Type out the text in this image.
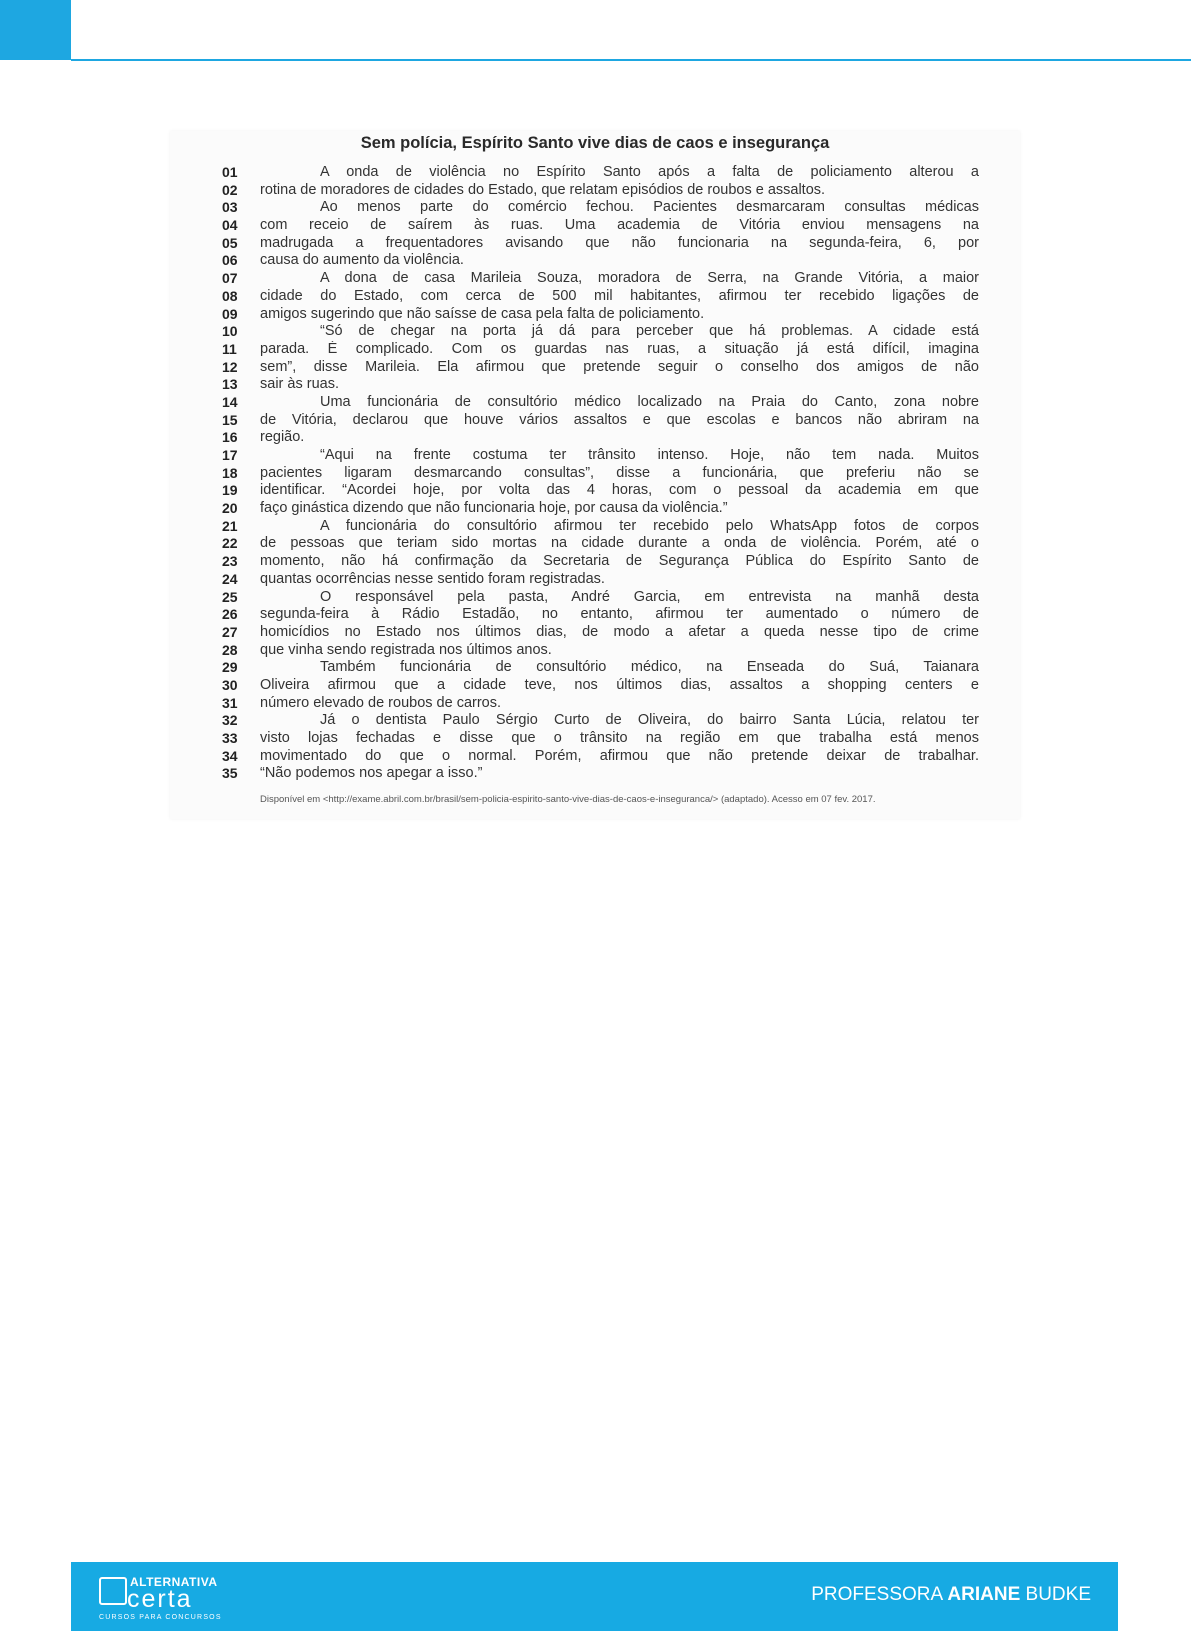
Sem polícia, Espírito Santo vive dias de caos e insegurança
01	A onda de violência no Espírito Santo após a falta de policiamento alterou a
02	rotina de moradores de cidades do Estado, que relatam episódios de roubos e assaltos.
03	Ao menos parte do comércio fechou. Pacientes desmarcaram consultas médicas
04	com receio de saírem às ruas. Uma academia de Vitória enviou mensagens na
05	madrugada a frequentadores avisando que não funcionaria na segunda-feira, 6, por
06	causa do aumento da violência.
07	A dona de casa Marileia Souza, moradora de Serra, na Grande Vitória, a maior
08	cidade do Estado, com cerca de 500 mil habitantes, afirmou ter recebido ligações de
09	amigos sugerindo que não saísse de casa pela falta de policiamento.
10	“Só de chegar na porta já dá para perceber que há problemas. A cidade está
11	parada. É complicado. Com os guardas nas ruas, a situação já está difícil, imagina
12	sem”, disse Marileia. Ela afirmou que pretende seguir o conselho dos amigos de não
13	sair às ruas.
14	Uma funcionária de consultório médico localizado na Praia do Canto, zona nobre
15	de Vitória, declarou que houve vários assaltos e que escolas e bancos não abriram na
16	região.
17	“Aqui na frente costuma ter trânsito intenso. Hoje, não tem nada. Muitos
18	pacientes ligaram desmarcando consultas”, disse a funcionária, que preferiu não se
19	identificar. “Acordei hoje, por volta das 4 horas, com o pessoal da academia em que
20	faço ginástica dizendo que não funcionaria hoje, por causa da violência.”
21	A funcionária do consultório afirmou ter recebido pelo WhatsApp fotos de corpos
22	de pessoas que teriam sido mortas na cidade durante a onda de violência. Porém, até o
23	momento, não há confirmação da Secretaria de Segurança Pública do Espírito Santo de
24	quantas ocorrências nesse sentido foram registradas.
25	O responsável pela pasta, André Garcia, em entrevista na manhã desta
26	segunda-feira à Rádio Estadão, no entanto, afirmou ter aumentado o número de
27	homicídios no Estado nos últimos dias, de modo a afetar a queda nesse tipo de crime
28	que vinha sendo registrada nos últimos anos.
29	Também funcionária de consultório médico, na Enseada do Suá, Taianara
30	Oliveira afirmou que a cidade teve, nos últimos dias, assaltos a shopping centers e
31	número elevado de roubos de carros.
32	Já o dentista Paulo Sérgio Curto de Oliveira, do bairro Santa Lúcia, relatou ter
33	visto lojas fechadas e disse que o trânsito na região em que trabalha está menos
34	movimentado do que o normal. Porém, afirmou que não pretende deixar de trabalhar.
35	“Não podemos nos apegar a isso.”
Disponível em <http://exame.abril.com.br/brasil/sem-policia-espirito-santo-vive-dias-de-caos-e-inseguranca/> (adaptado). Acesso em 07 fev. 2017.
ALTERNATIVA
certa
CURSOS PARA CONCURSOS
PROFESSORA ARIANE BUDKE
